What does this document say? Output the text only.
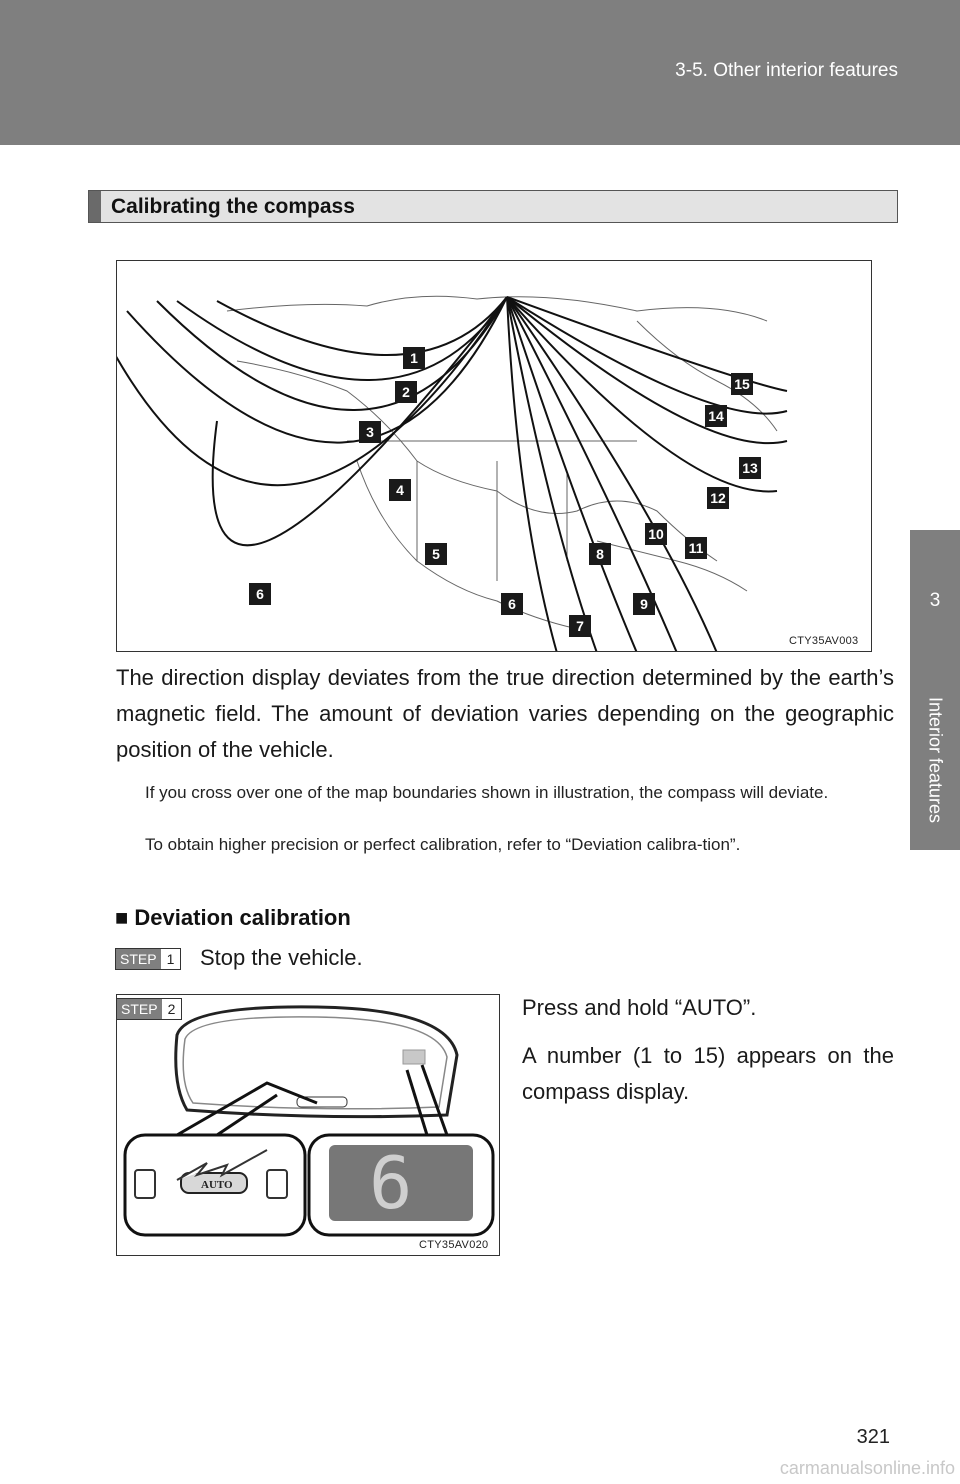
3-5. Other interior features
3
Interior features
Calibrating the compass
1
2
3
4
5
6
6
7
8
9
10
11
12
13
14
15
CTY35AV003
The direction display deviates from the true direction determined by the earth’s magnetic field. The amount of deviation varies depending on the geographic position of the vehicle.
If you cross over one of the map boundaries shown in illustration, the compass will deviate.
To obtain higher precision or perfect calibration, refer to “Deviation calibra-tion”.
■ Deviation calibration
STEP 1 Stop the vehicle.
STEP 2
AUTO 6
CTY35AV020
Press and hold “AUTO”.
A number (1 to 15) appears on the compass display.
321
carmanualsonline.info
